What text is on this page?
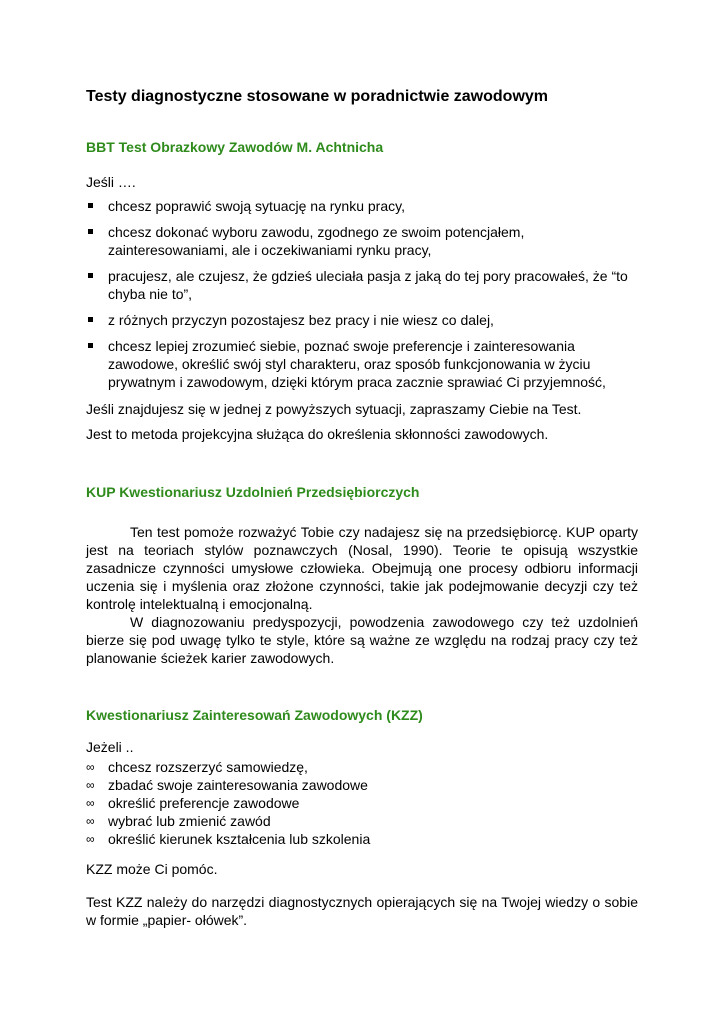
Testy diagnostyczne stosowane w poradnictwie zawodowym
BBT Test Obrazkowy Zawodów M. Achtnicha
Jeśli ….
chcesz poprawić swoją sytuację na rynku pracy,
chcesz dokonać wyboru zawodu, zgodnego ze swoim potencjałem, zainteresowaniami, ale i oczekiwaniami rynku pracy,
pracujesz, ale czujesz, że gdzieś uleciała pasja z jaką do tej pory pracowałeś, że “to chyba nie to”,
z różnych przyczyn pozostajesz bez pracy i nie wiesz co dalej,
chcesz lepiej zrozumieć siebie, poznać swoje preferencje i zainteresowania zawodowe, określić swój styl charakteru, oraz sposób funkcjonowania w życiu prywatnym i zawodowym, dzięki którym praca zacznie sprawiać Ci przyjemność,
Jeśli znajdujesz się w jednej z powyższych sytuacji, zapraszamy Ciebie na Test.
Jest to metoda projekcyjna służąca do określenia skłonności zawodowych.
KUP Kwestionariusz Uzdolnień Przedsiębiorczych
Ten test pomoże rozważyć Tobie czy nadajesz się na przedsiębiorcę. KUP oparty jest na teoriach stylów poznawczych (Nosal, 1990). Teorie te opisują wszystkie zasadnicze czynności umysłowe człowieka. Obejmują one procesy odbioru informacji uczenia się i myślenia oraz złożone czynności, takie jak podejmowanie decyzji czy też kontrolę intelektualną i emocjonalną.
W diagnozowaniu predyspozycji, powodzenia zawodowego czy też uzdolnień bierze się pod uwagę tylko te style, które są ważne ze względu na rodzaj pracy czy też planowanie ścieżek karier zawodowych.
Kwestionariusz Zainteresowań Zawodowych (KZZ)
Jeżeli ..
∞ chcesz rozszerzyć samowiedzę,
∞ zbadać swoje zainteresowania zawodowe
∞ określić preferencje zawodowe
∞ wybrać lub zmienić zawód
∞ określić kierunek kształcenia lub szkolenia
KZZ może Ci pomóc.
Test KZZ należy do narzędzi diagnostycznych opierających się na Twojej wiedzy o sobie w formie „papier- ołówek”.
